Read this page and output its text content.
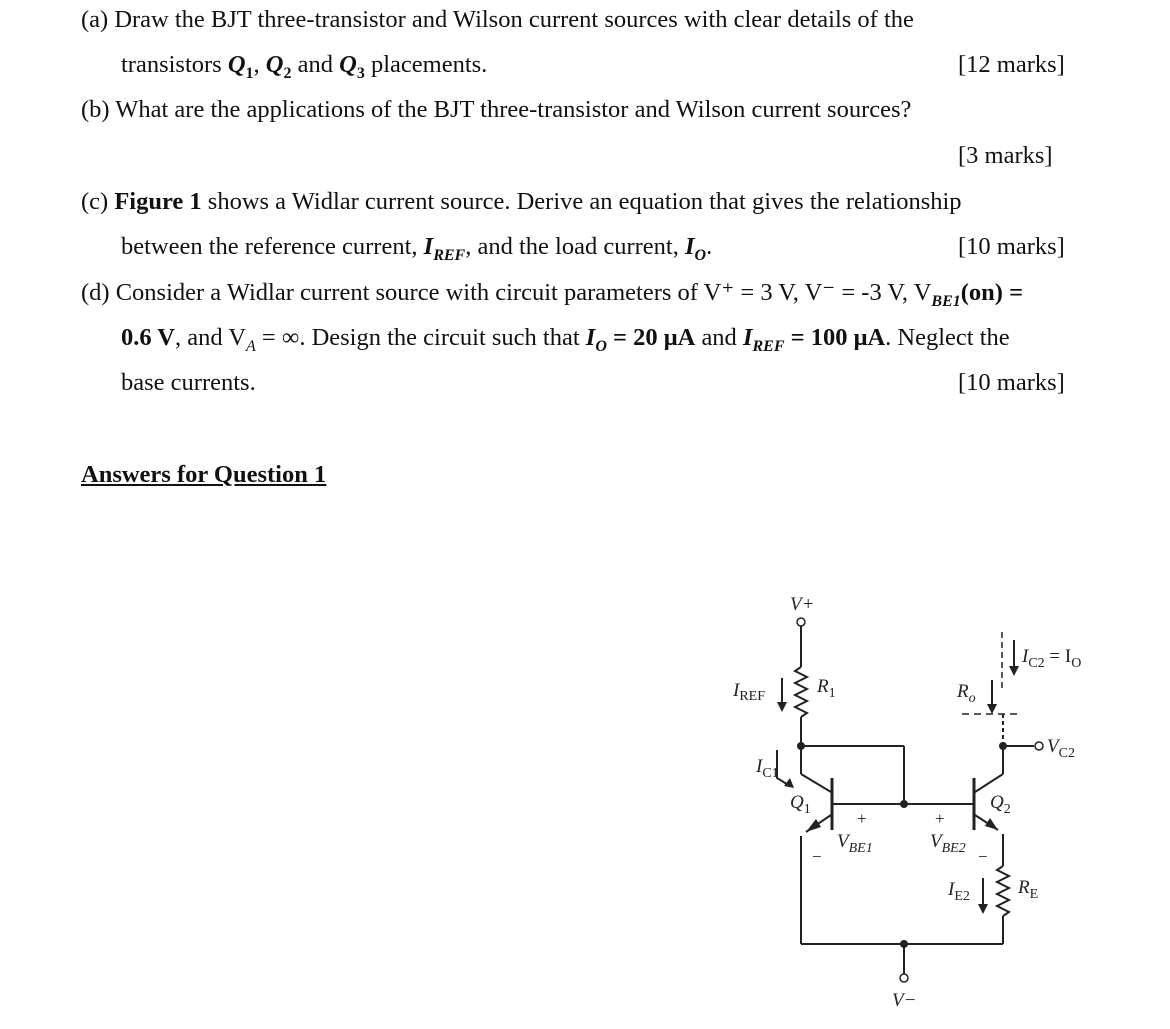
(a) Draw the BJT three-transistor and Wilson current sources with clear details of the
transistors $Q_1$, $Q_2$ and $Q_3$ placements.	[12 marks]
(b) What are the applications of the BJT three-transistor and Wilson current sources?
[3 marks]
(c) Figure 1 shows a Widlar current source. Derive an equation that gives the relationship
between the reference current, $I_{REF}$, and the load current, $I_O$.	[10 marks]
(d) Consider a Widlar current source with circuit parameters of V⁺ = 3 V, V⁻ = -3 V, $V_{BE1}(on)$ =
0.6 V, and $V_A$ = ∞. Design the circuit such that $I_O = 20$ μA and $I_{REF} = 100$ μA. Neglect the
base currents.	[10 marks]
Answers for Question 1
V+
$I_{REF}$	$R_1$
$I_{C1}$
$Q_1$	$Q_2$
$V_{BE1}$	$V_{BE2}$
$R_o$
$I_{C2} = I_O$
$V_{C2}$
$I_{E2}$	$R_E$
V−
+	+
−	−
